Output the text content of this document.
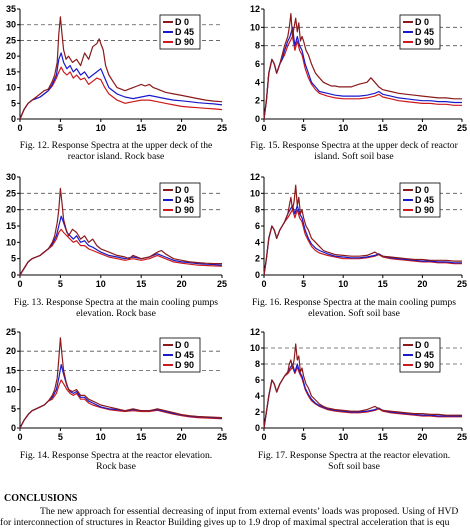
0
5
10
15
20
25
30
35
0	5	10	15	20	25
D 0
D 45
D 90
Fig. 12. Response Spectra at the upper deck of the
reactor island. Rock base
0
5
10
15
20
25
30
0	5	10	15	20	25
D 0
D 45
D 90
Fig. 13. Response Spectra at the main cooling pumps
elevation. Rock base
0
5
10
15
20
25
0	5	10	15	20	25
D 0
D 45
D 90
Fig. 14. Response Spectra at the reactor elevation.
Rock base
0
2
4
6
8
10
12
0	5	10	15	20	25
D 0
D 45
D 90
Fig. 15. Response Spectra at the upper deck of reactor
island. Soft soil base
0
2
4
6
8
10
12
0	5	10	15	20	25
D 0
D 45
D 90
Fig. 16. Response Spectra at the main cooling pumps
elevation. Soft soil base
0
2
4
6
8
10
12
0	5	10	15	20	25
D 0
D 45
D 90
Fig. 17. Response Spectra at the reactor elevation.
Soft soil base
CONCLUSIONS

The new approach for essential decreasing of input from external events’ loads was proposed. Using of HVD

for interconnection of structures in Reactor Building gives up to 1.9 drop of maximal spectral acceleration that is equ
